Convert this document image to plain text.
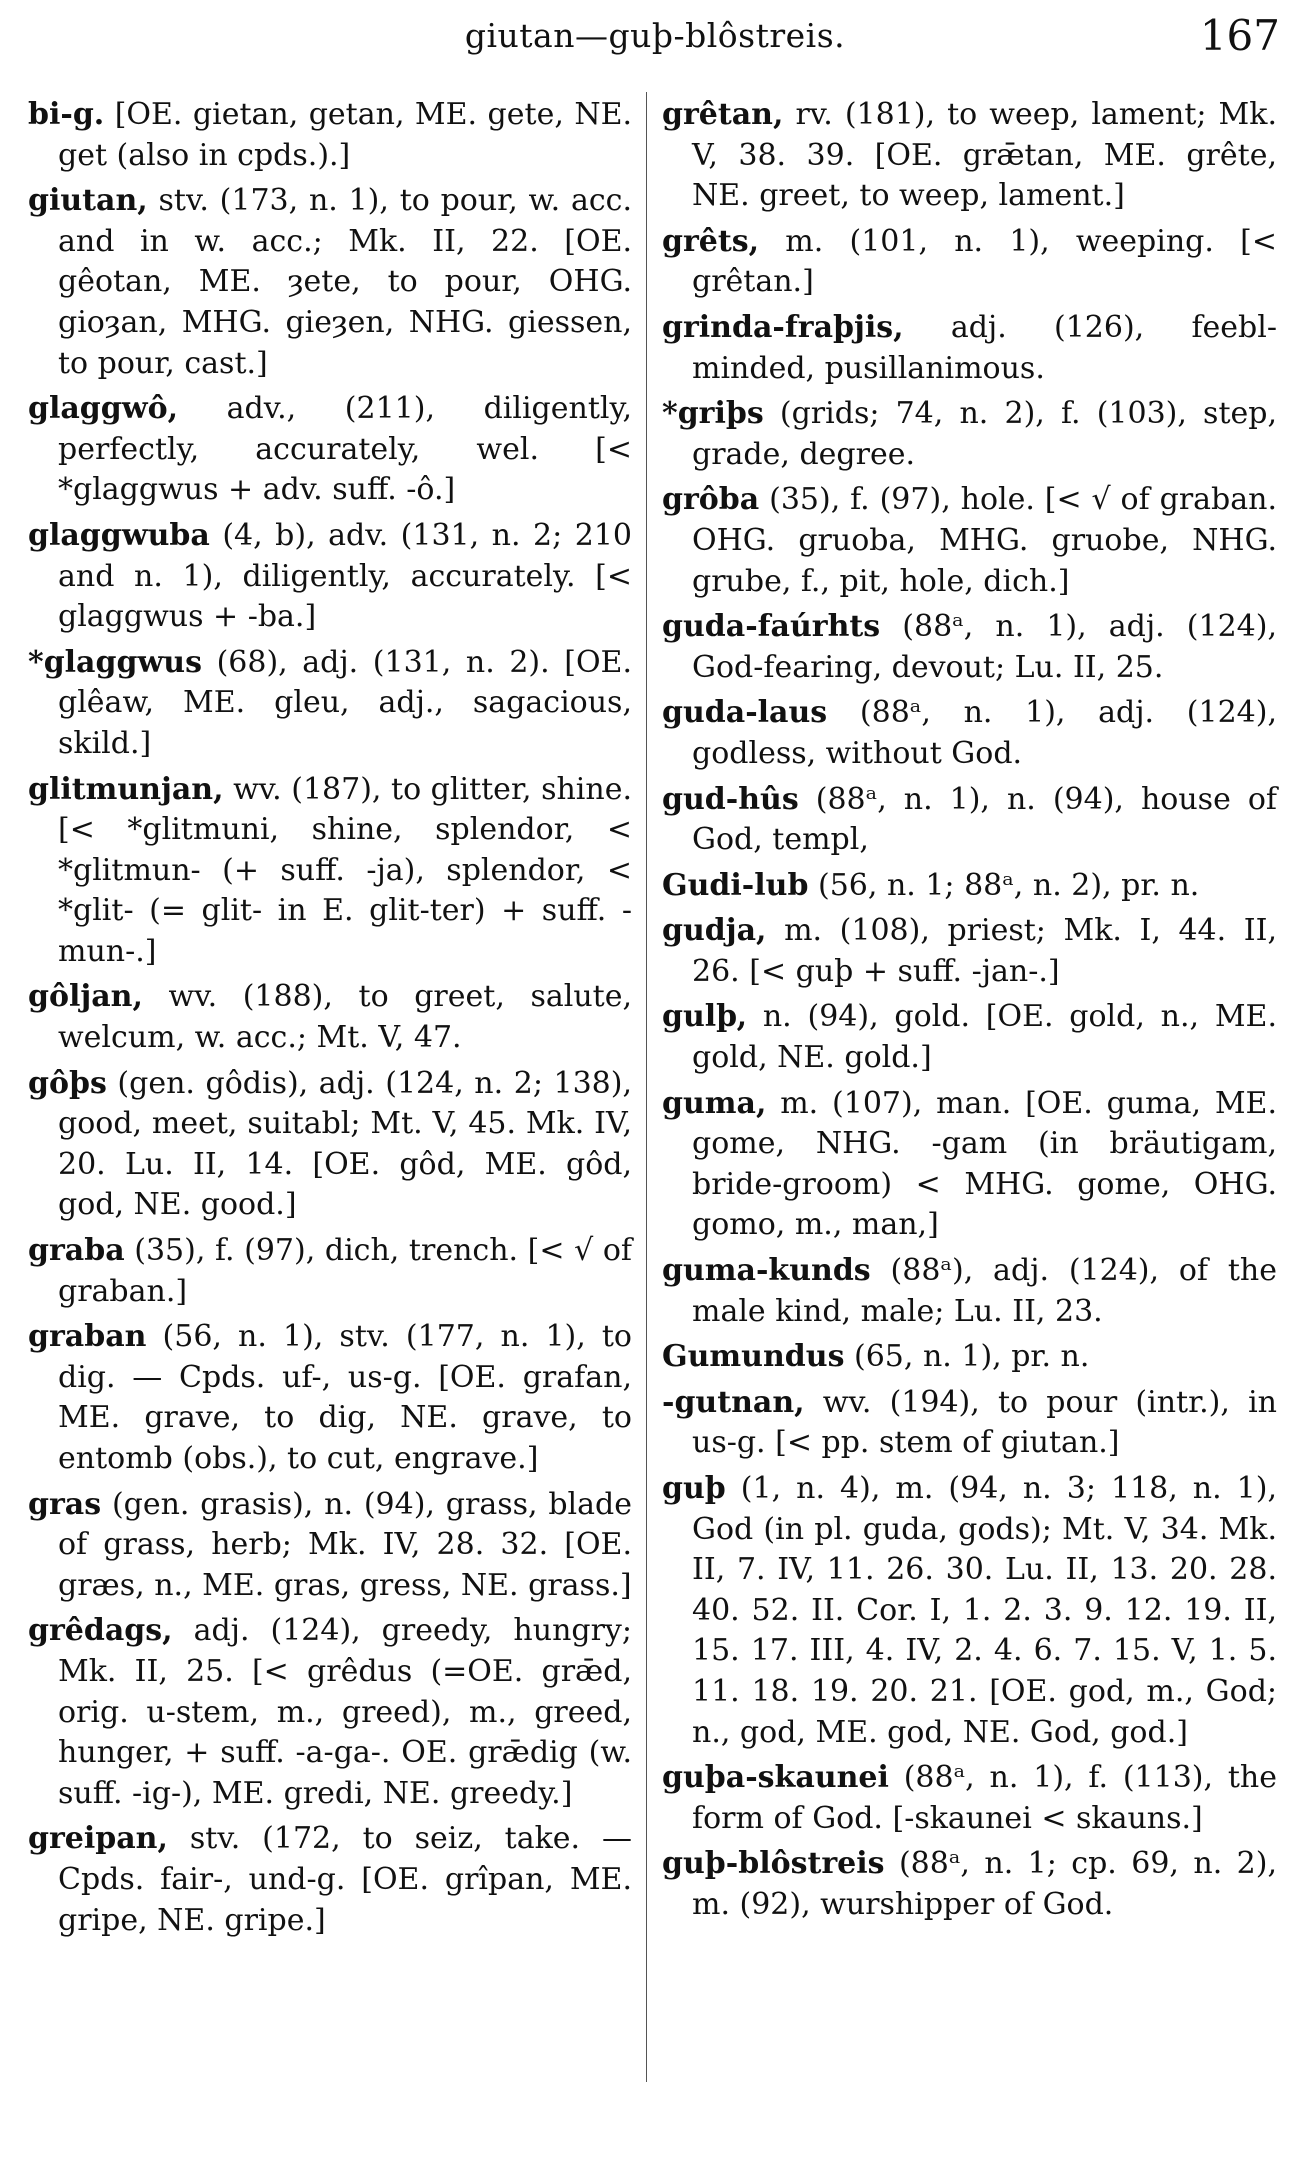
giutan—guþ-blôstreis.	167

bi-g. [OE. gietan, getan, ME. gete, NE. get (also in cpds.).]

giutan, stv. (173, n. 1), to pour, w. acc. and in w. acc.; Mk. II, 22. [OE. gêotan, ME. ȝete, to pour, OHG. gioȝan, MHG. gieȝen, NHG. giessen, to pour, cast.]

glaggwô, adv., (211), diligently, perfectly, accurately, wel. [< *glaggwus + adv. suff. -ô.]

glaggwuba (4, b), adv. (131, n. 2; 210 and n. 1), diligently, accurately. [< glaggwus + -ba.]

*glaggwus (68), adj. (131, n. 2). [OE. glêaw, ME. gleu, adj., sagacious, skild.]

glitmunjan, wv. (187), to glitter, shine. [< *glitmuni, shine, splendor, < *glitmun- (+ suff. -ja), splendor, < *glit- (= glit- in E. glit-ter) + suff. -mun-.]

gôljan, wv. (188), to greet, salute, welcum, w. acc.; Mt. V, 47.

gôþs (gen. gôdis), adj. (124, n. 2; 138), good, meet, suitabl; Mt. V, 45. Mk. IV, 20. Lu. II, 14. [OE. gôd, ME. gôd, god, NE. good.]

graba (35), f. (97), dich, trench. [< √ of graban.]

graban (56, n. 1), stv. (177, n. 1), to dig. — Cpds. uf-, us-g. [OE. grafan, ME. grave, to dig, NE. grave, to entomb (obs.), to cut, engrave.]

gras (gen. grasis), n. (94), grass, blade of grass, herb; Mk. IV, 28. 32. [OE. græs, n., ME. gras, gress, NE. grass.]

grêdags, adj. (124), greedy, hungry; Mk. II, 25. [< grêdus (=OE. grǣd, orig. u-stem, m., greed), m., greed, hunger, + suff. -a-ga-. OE. grǣdig (w. suff. -ig-), ME. gredi, NE. greedy.]

greipan, stv. (172, to seiz, take. — Cpds. fair-, und-g. [OE. grîpan, ME. gripe, NE. gripe.]

grêtan, rv. (181), to weep, lament; Mk. V, 38. 39. [OE. grǣtan, ME. grête, NE. greet, to weep, lament.]

grêts, m. (101, n. 1), weeping. [< grêtan.]

grinda-fraþjis, adj. (126), feebl-minded, pusillanimous.

*griþs (grids; 74, n. 2), f. (103), step, grade, degree.

grôba (35), f. (97), hole. [< √ of graban. OHG. gruoba, MHG. gruobe, NHG. grube, f., pit, hole, dich.]

guda-faúrhts (88ᵃ, n. 1), adj. (124), God-fearing, devout; Lu. II, 25.

guda-laus (88ᵃ, n. 1), adj. (124), godless, without God.

gud-hûs (88ᵃ, n. 1), n. (94), house of God, templ,

Gudi-lub (56, n. 1; 88ᵃ, n. 2), pr. n.

gudja, m. (108), priest; Mk. I, 44. II, 26. [< guþ + suff. -jan-.]

gulþ, n. (94), gold. [OE. gold, n., ME. gold, NE. gold.]

guma, m. (107), man. [OE. guma, ME. gome, NHG. -gam (in bräutigam, bride-groom) < MHG. gome, OHG. gomo, m., man,]

guma-kunds (88ᵃ), adj. (124), of the male kind, male; Lu. II, 23.

Gumundus (65, n. 1), pr. n.

-gutnan, wv. (194), to pour (intr.), in us-g. [< pp. stem of giutan.]

guþ (1, n. 4), m. (94, n. 3; 118, n. 1), God (in pl. guda, gods); Mt. V, 34. Mk. II, 7. IV, 11. 26. 30. Lu. II, 13. 20. 28. 40. 52. II. Cor. I, 1. 2. 3. 9. 12. 19. II, 15. 17. III, 4. IV, 2. 4. 6. 7. 15. V, 1. 5. 11. 18. 19. 20. 21. [OE. god, m., God; n., god, ME. god, NE. God, god.]

guþa-skaunei (88ᵃ, n. 1), f. (113), the form of God. [-skaunei < skauns.]

guþ-blôstreis (88ᵃ, n. 1; cp. 69, n. 2), m. (92), wurshipper of God.
